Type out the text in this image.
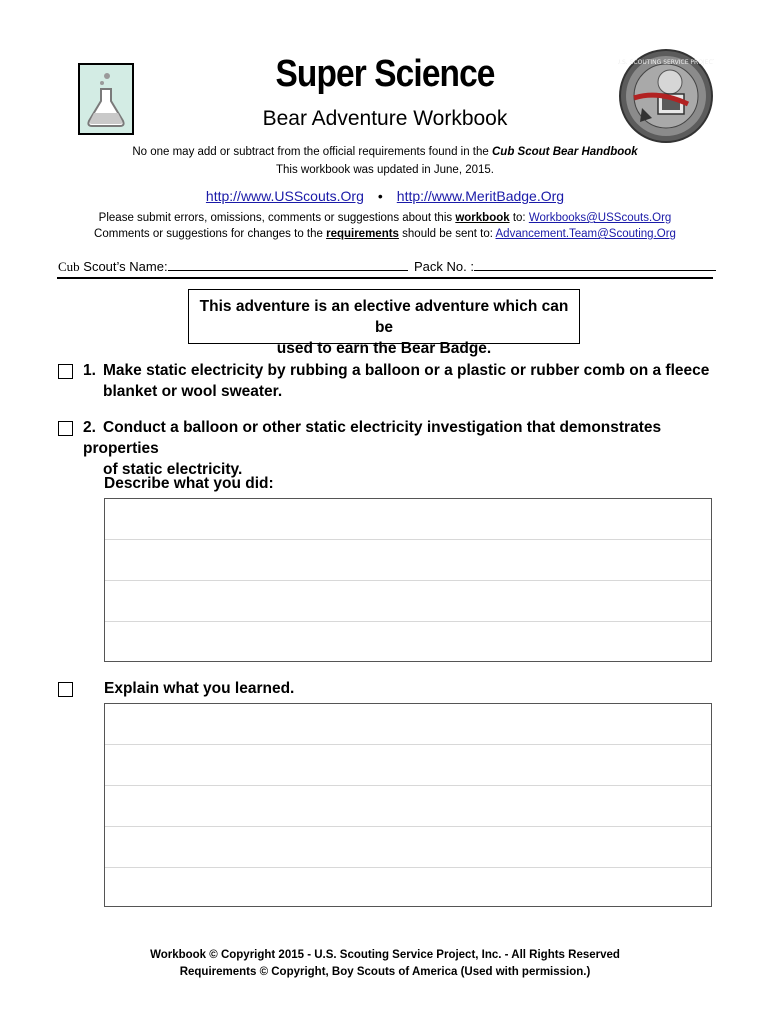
U.S. SCOUTING SERVICE PROJECT
Super Science
Bear Adventure Workbook
No one may add or subtract from the official requirements found in the Cub Scout Bear Handbook
This workbook was updated in June, 2015.
http://www.USScouts.Org • http://www.MeritBadge.Org
Please submit errors, omissions, comments or suggestions about this workbook to: Workbooks@USScouts.Org
Comments or suggestions for changes to the requirements should be sent to: Advancement.Team@Scouting.Org
Cub Scout’s Name:	Pack No. :
This adventure is an elective adventure which can be
used to earn the Bear Badge.
1. Make static electricity by rubbing a balloon or a plastic or rubber comb on a fleece
blanket or wool sweater.
2. Conduct a balloon or other static electricity investigation that demonstrates properties
of static electricity.
Describe what you did:
Explain what you learned.
Workbook © Copyright 2015 - U.S. Scouting Service Project, Inc. - All Rights Reserved
Requirements © Copyright, Boy Scouts of America (Used with permission.)
